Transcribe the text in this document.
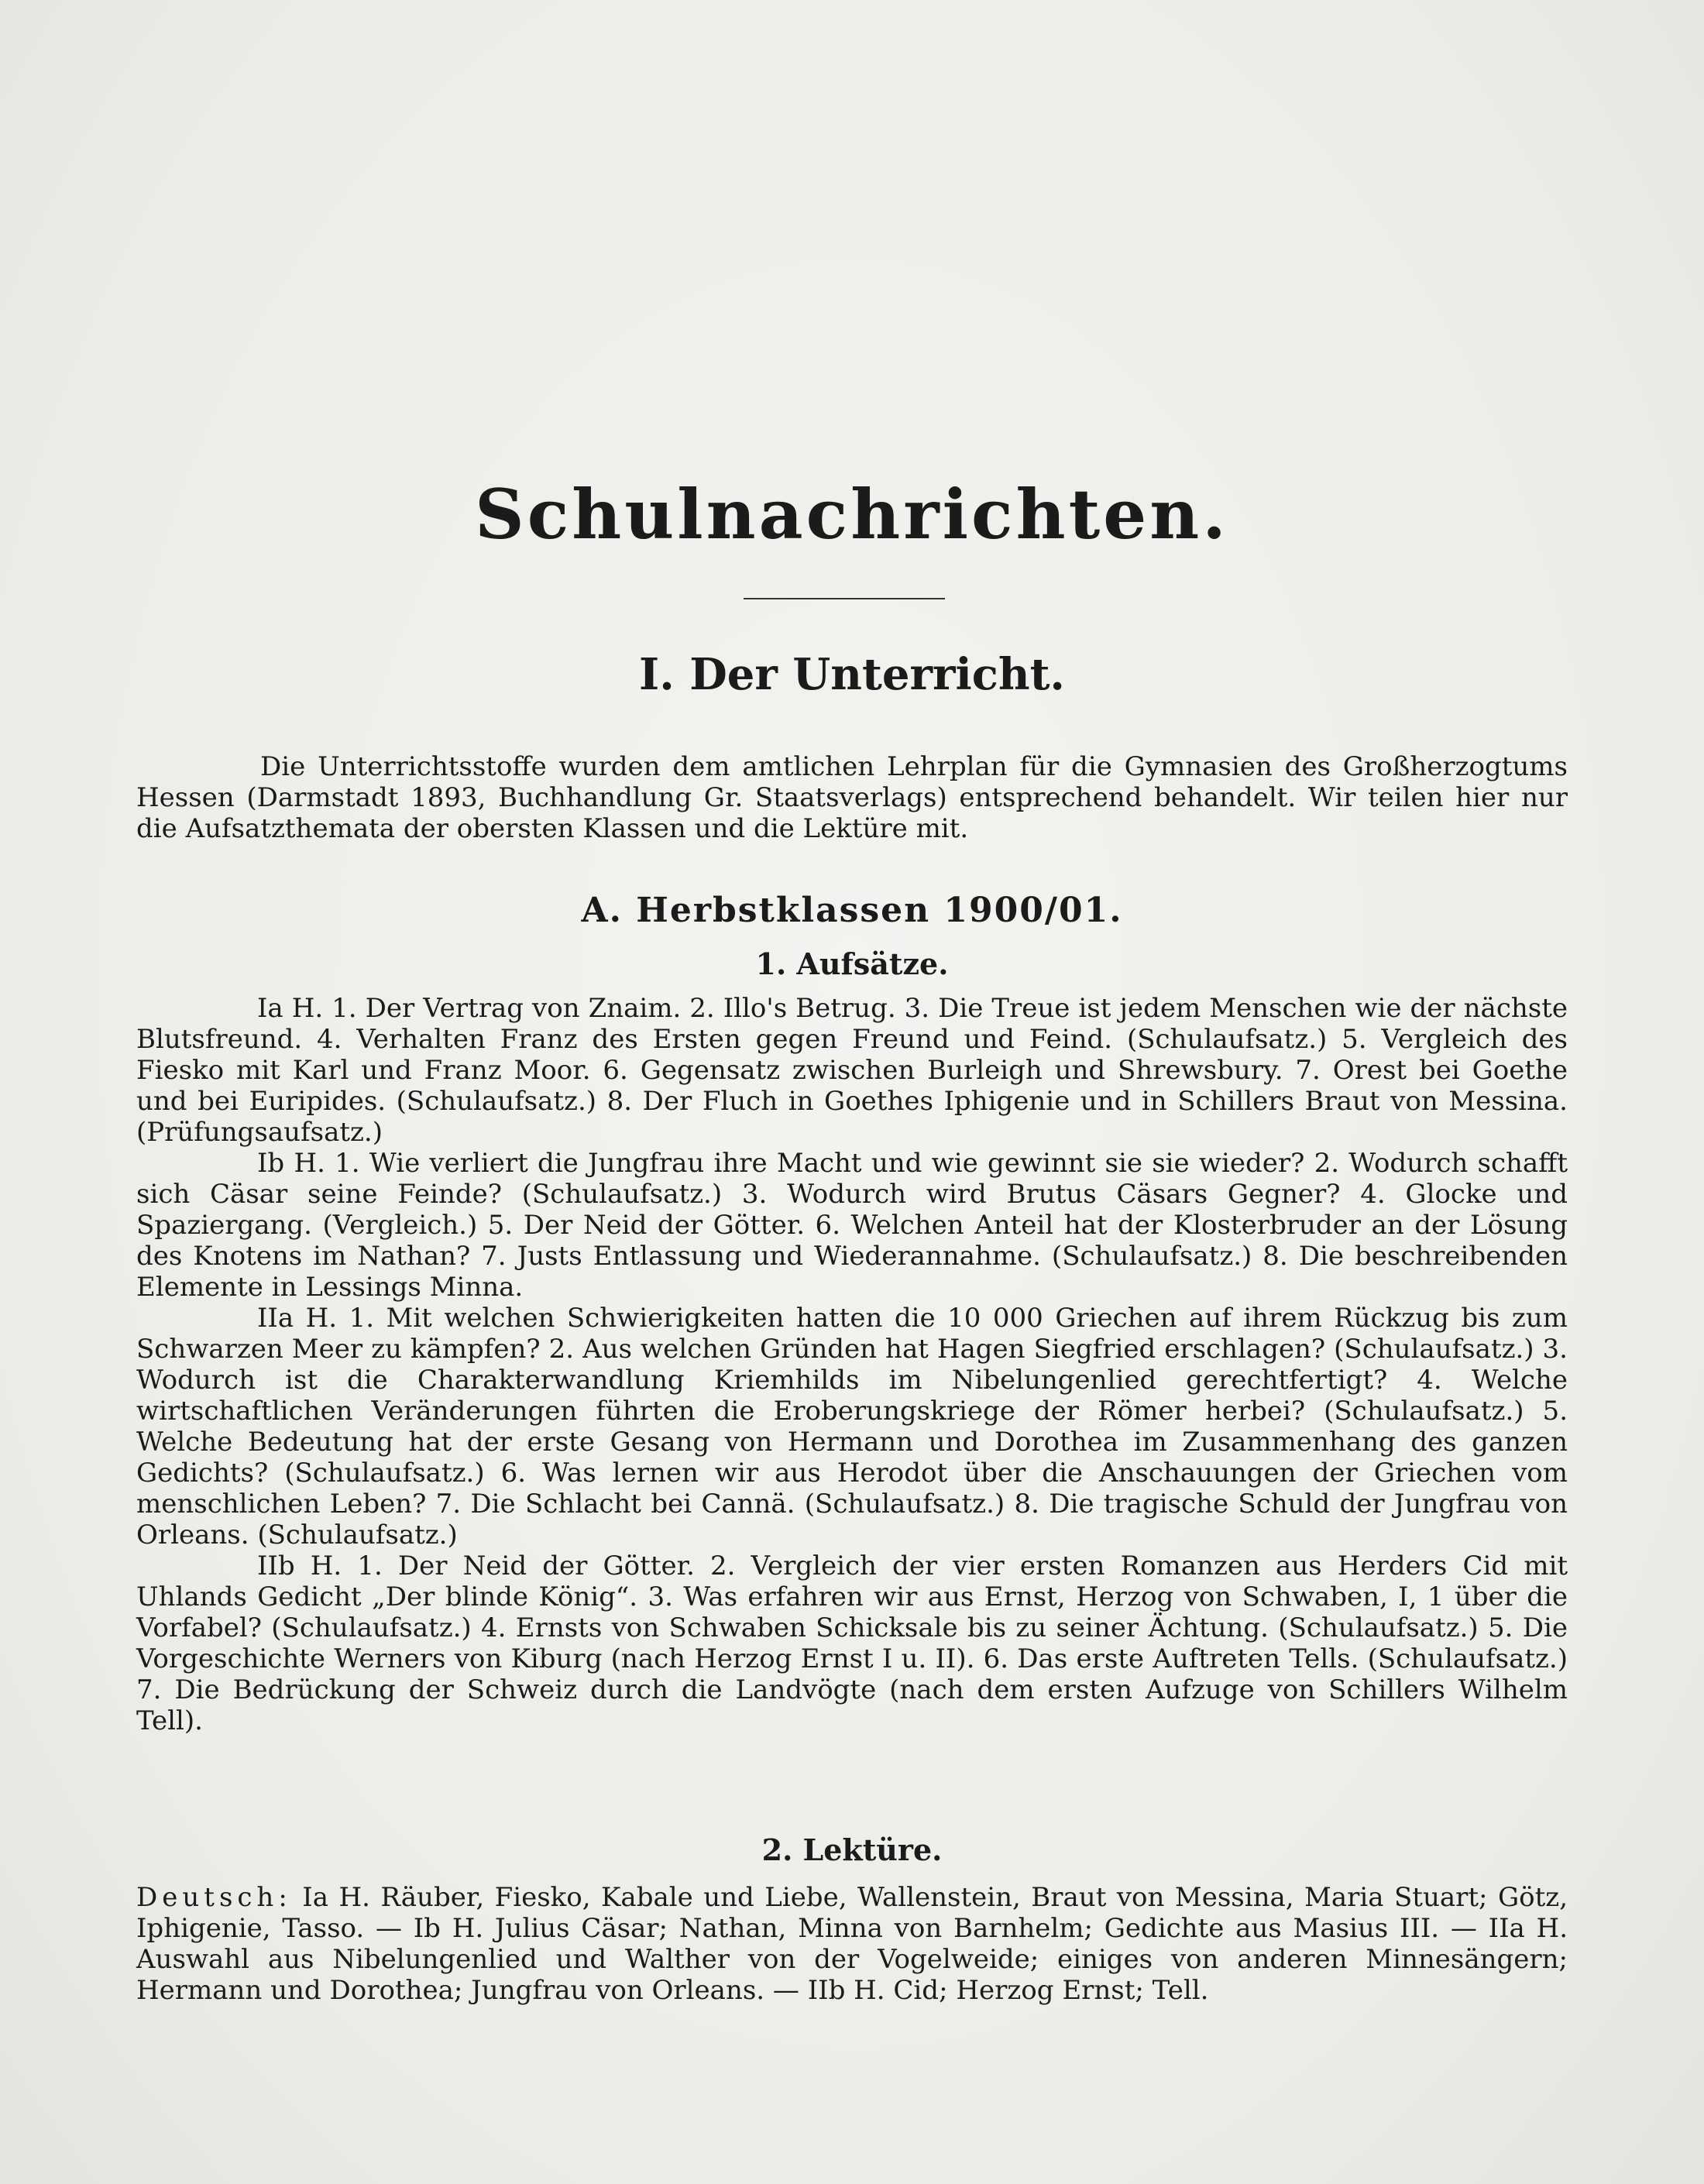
Schulnachrichten.
I. Der Unterricht.

Die Unterrichtsstoffe wurden dem amtlichen Lehrplan für die Gymnasien des Großherzogtums Hessen (Darmstadt 1893, Buchhandlung Gr. Staatsverlags) entsprechend behandelt. Wir teilen hier nur die Aufsatzthemata der obersten Klassen und die Lektüre mit.

A. Herbstklassen 1900/01.
1. Aufsätze.

Ia H. 1. Der Vertrag von Znaim. 2. Illo's Betrug. 3. Die Treue ist jedem Menschen wie der nächste Blutsfreund. 4. Verhalten Franz des Ersten gegen Freund und Feind. (Schulaufsatz.) 5. Vergleich des Fiesko mit Karl und Franz Moor. 6. Gegensatz zwischen Burleigh und Shrewsbury. 7. Orest bei Goethe und bei Euripides. (Schulaufsatz.) 8. Der Fluch in Goethes Iphigenie und in Schillers Braut von Messina. (Prüfungsaufsatz.)

Ib H. 1. Wie verliert die Jungfrau ihre Macht und wie gewinnt sie sie wieder? 2. Wodurch schafft sich Cäsar seine Feinde? (Schulaufsatz.) 3. Wodurch wird Brutus Cäsars Gegner? 4. Glocke und Spaziergang. (Vergleich.) 5. Der Neid der Götter. 6. Welchen Anteil hat der Klosterbruder an der Lösung des Knotens im Nathan? 7. Justs Entlassung und Wiederannahme. (Schulaufsatz.) 8. Die beschreibenden Elemente in Lessings Minna.

IIa H. 1. Mit welchen Schwierigkeiten hatten die 10 000 Griechen auf ihrem Rückzug bis zum Schwarzen Meer zu kämpfen? 2. Aus welchen Gründen hat Hagen Siegfried erschlagen? (Schulaufsatz.) 3. Wodurch ist die Charakterwandlung Kriemhilds im Nibelungenlied gerechtfertigt? 4. Welche wirtschaftlichen Veränderungen führten die Eroberungskriege der Römer herbei? (Schulaufsatz.) 5. Welche Bedeutung hat der erste Gesang von Hermann und Dorothea im Zusammenhang des ganzen Gedichts? (Schulaufsatz.) 6. Was lernen wir aus Herodot über die Anschauungen der Griechen vom menschlichen Leben? 7. Die Schlacht bei Cannä. (Schulaufsatz.) 8. Die tragische Schuld der Jungfrau von Orleans. (Schulaufsatz.)

IIb H. 1. Der Neid der Götter. 2. Vergleich der vier ersten Romanzen aus Herders Cid mit Uhlands Gedicht „Der blinde König“. 3. Was erfahren wir aus Ernst, Herzog von Schwaben, I, 1 über die Vorfabel? (Schulaufsatz.) 4. Ernsts von Schwaben Schicksale bis zu seiner Ächtung. (Schulaufsatz.) 5. Die Vorgeschichte Werners von Kiburg (nach Herzog Ernst I u. II). 6. Das erste Auftreten Tells. (Schulaufsatz.) 7. Die Bedrückung der Schweiz durch die Landvögte (nach dem ersten Aufzuge von Schillers Wilhelm Tell).

2. Lektüre.

Deutsch: Ia H. Räuber, Fiesko, Kabale und Liebe, Wallenstein, Braut von Messina, Maria Stuart; Götz, Iphigenie, Tasso. — Ib H. Julius Cäsar; Nathan, Minna von Barnhelm; Gedichte aus Masius III. — IIa H. Auswahl aus Nibelungenlied und Walther von der Vogelweide; einiges von anderen Minnesängern; Hermann und Dorothea; Jungfrau von Orleans. — IIb H. Cid; Herzog Ernst; Tell.
